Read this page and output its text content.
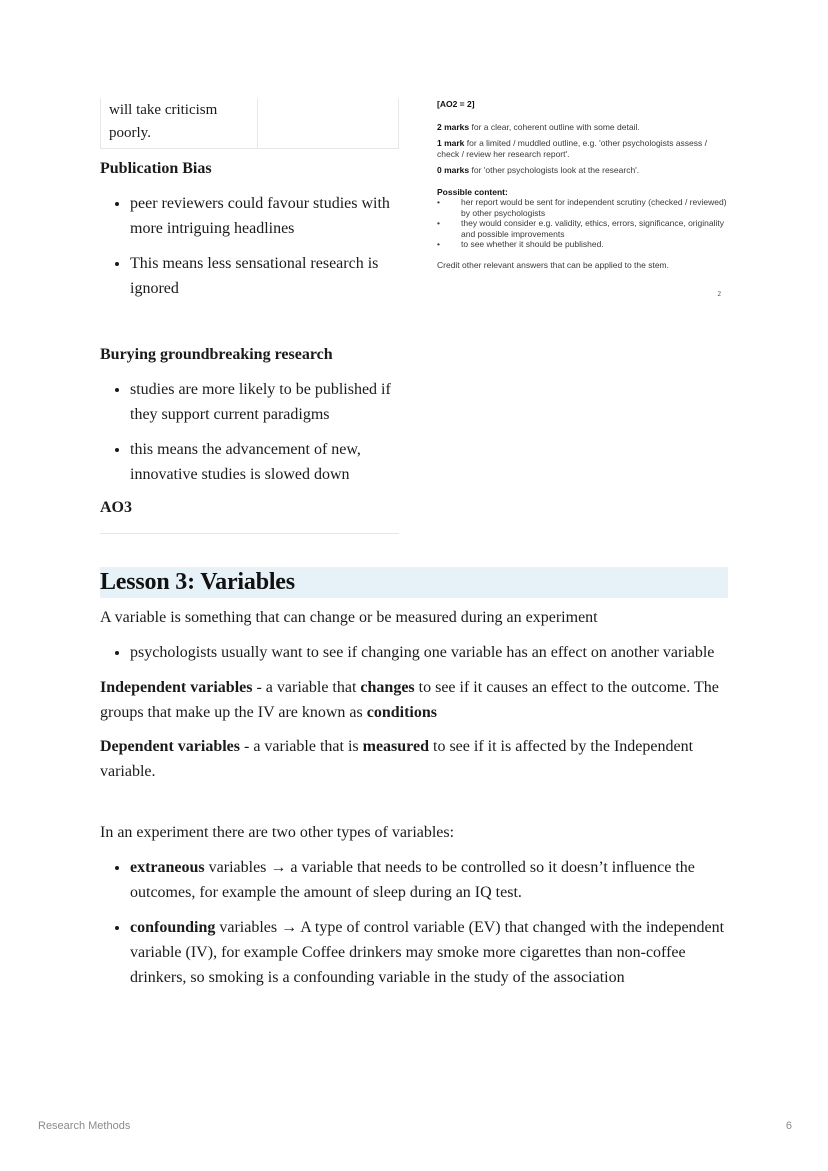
will take criticism poorly.	
Publication Bias
• peer reviewers could favour studies with more intriguing headlines
• This means less sensational research is ignored
Burying groundbreaking research
• studies are more likely to be published if they support current paradigms
• this means the advancement of new, innovative studies is slowed down
AO3

[AO2 = 2]

2 marks for a clear, coherent outline with some detail.

1 mark for a limited / muddled outline, e.g. 'other psychologists assess / check / review her research report'.

0 marks for 'other psychologists look at the research'.

Possible content:

• her report would be sent for independent scrutiny (checked / reviewed) by other psychologists
• they would consider e.g. validity, ethics, errors, significance, originality and possible improvements
• to see whether it should be published.

Credit other relevant answers that can be applied to the stem.

2
Lesson 3: Variables

A variable is something that can change or be measured during an experiment

• psychologists usually want to see if changing one variable has an effect on another variable

Independent variables - a variable that changes to see if it causes an effect to the outcome. The groups that make up the IV are known as conditions

Dependent variables - a variable that is measured to see if it is affected by the Independent variable.

In an experiment there are two other types of variables:

• extraneous variables → a variable that needs to be controlled so it doesn’t influence the outcomes, for example the amount of sleep during an IQ test.
• confounding variables → A type of control variable (EV) that changed with the independent variable (IV), for example Coffee drinkers may smoke more cigarettes than non-coffee drinkers, so smoking is a confounding variable in the study of the association
Research Methods	6
